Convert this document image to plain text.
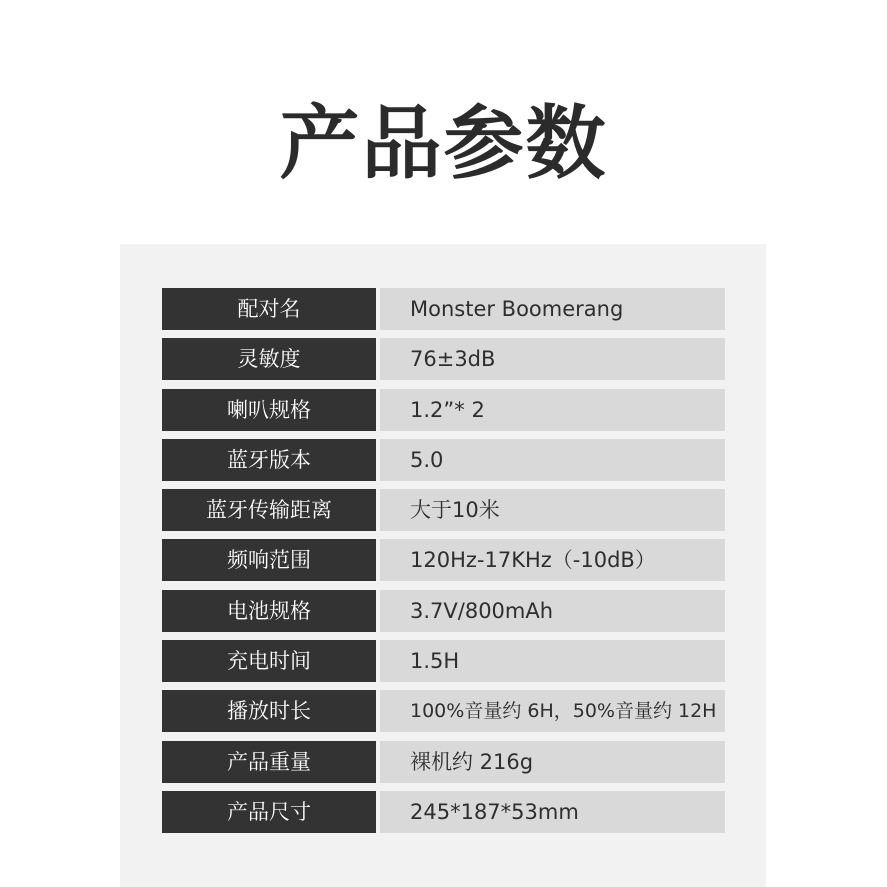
产品参数
配对名	Monster Boomerang
灵敏度	76±3dB
喇叭规格	1.2”* 2
蓝牙版本	5.0
蓝牙传输距离	大于10米
频响范围	120Hz-17KHz（-10dB）
电池规格	3.7V/800mAh
充电时间	1.5H
播放时长	100%音量约 6H，50%音量约 12H
产品重量	裸机约 216g
产品尺寸	245*187*53mm
